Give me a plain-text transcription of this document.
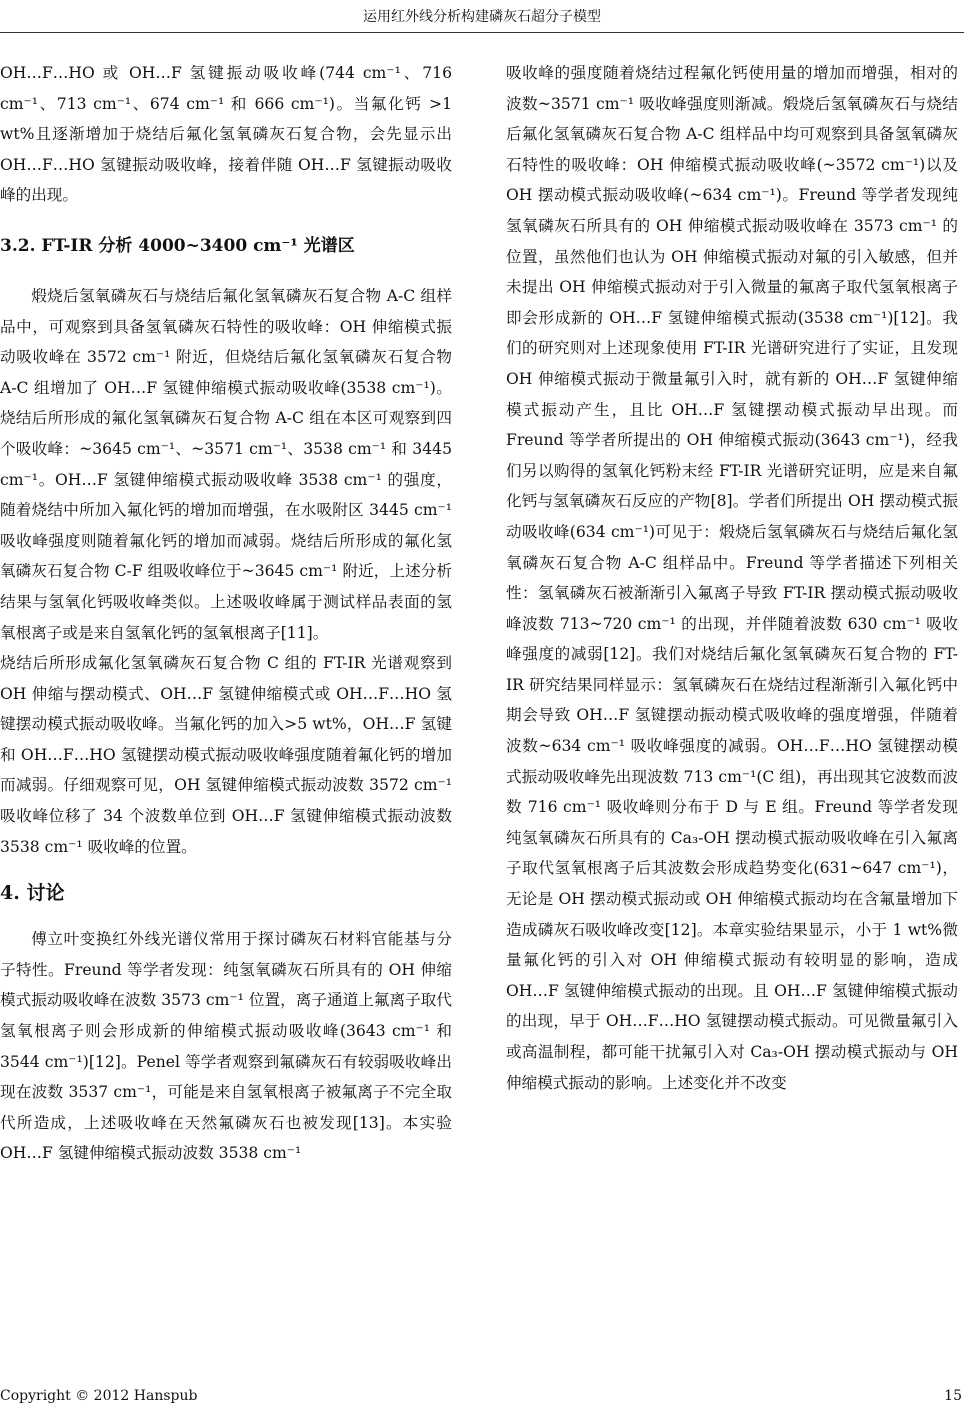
运用红外线分析构建磷灰石超分子模型

OH…F…HO 或 OH…F 氢键振动吸收峰(744 cm⁻¹、716 cm⁻¹、713 cm⁻¹、674 cm⁻¹ 和 666 cm⁻¹)。当氟化钙 >1 wt%且逐渐增加于烧结后氟化氢氧磷灰石复合物，会先显示出 OH…F…HO 氢键振动吸收峰，接着伴随 OH…F 氢键振动吸收峰的出现。

3.2. FT-IR 分析 4000~3400 cm⁻¹ 光谱区

煅烧后氢氧磷灰石与烧结后氟化氢氧磷灰石复合物 A-C 组样品中，可观察到具备氢氧磷灰石特性的吸收峰：OH 伸缩模式振动吸收峰在 3572 cm⁻¹ 附近，但烧结后氟化氢氧磷灰石复合物 A-C 组增加了 OH…F 氢键伸缩模式振动吸收峰(3538 cm⁻¹)。烧结后所形成的氟化氢氧磷灰石复合物 A-C 组在本区可观察到四个吸收峰：~3645 cm⁻¹、~3571 cm⁻¹、3538 cm⁻¹ 和 3445 cm⁻¹。OH…F 氢键伸缩模式振动吸收峰 3538 cm⁻¹ 的强度，随着烧结中所加入氟化钙的增加而增强，在水吸附区 3445 cm⁻¹ 吸收峰强度则随着氟化钙的增加而减弱。烧结后所形成的氟化氢氧磷灰石复合物 C-F 组吸收峰位于~3645 cm⁻¹ 附近，上述分析结果与氢氧化钙吸收峰类似。上述吸收峰属于测试样品表面的氢氧根离子或是来自氢氧化钙的氢氧根离子[11]。

烧结后所形成氟化氢氧磷灰石复合物 C 组的 FT-IR 光谱观察到 OH 伸缩与摆动模式、OH…F 氢键伸缩模式或 OH…F…HO 氢键摆动模式振动吸收峰。当氟化钙的加入>5 wt%，OH…F 氢键和 OH…F…HO 氢键摆动模式振动吸收峰强度随着氟化钙的增加而减弱。仔细观察可见，OH 氢键伸缩模式振动波数 3572 cm⁻¹ 吸收峰位移了 34 个波数单位到 OH…F 氢键伸缩模式振动波数 3538 cm⁻¹ 吸收峰的位置。

4. 讨论

傅立叶变换红外线光谱仪常用于探讨磷灰石材料官能基与分子特性。Freund 等学者发现：纯氢氧磷灰石所具有的 OH 伸缩模式振动吸收峰在波数 3573 cm⁻¹ 位置，离子通道上氟离子取代氢氧根离子则会形成新的伸缩模式振动吸收峰(3643 cm⁻¹ 和 3544 cm⁻¹)[12]。Penel 等学者观察到氟磷灰石有较弱吸收峰出现在波数 3537 cm⁻¹，可能是来自氢氧根离子被氟离子不完全取代所造成，上述吸收峰在天然氟磷灰石也被发现[13]。本实验 OH…F 氢键伸缩模式振动波数 3538 cm⁻¹

吸收峰的强度随着烧结过程氟化钙使用量的增加而增强，相对的波数~3571 cm⁻¹ 吸收峰强度则渐减。煅烧后氢氧磷灰石与烧结后氟化氢氧磷灰石复合物 A-C 组样品中均可观察到具备氢氧磷灰石特性的吸收峰：OH 伸缩模式振动吸收峰(~3572 cm⁻¹)以及 OH 摆动模式振动吸收峰(~634 cm⁻¹)。Freund 等学者发现纯氢氧磷灰石所具有的 OH 伸缩模式振动吸收峰在 3573 cm⁻¹ 的位置，虽然他们也认为 OH 伸缩模式振动对氟的引入敏感，但并未提出 OH 伸缩模式振动对于引入微量的氟离子取代氢氧根离子即会形成新的 OH…F 氢键伸缩模式振动(3538 cm⁻¹)[12]。我们的研究则对上述现象使用 FT-IR 光谱研究进行了实证，且发现 OH 伸缩模式振动于微量氟引入时，就有新的 OH…F 氢键伸缩模式振动产生，且比 OH…F 氢键摆动模式振动早出现。而 Freund 等学者所提出的 OH 伸缩模式振动(3643 cm⁻¹)，经我们另以购得的氢氧化钙粉末经 FT-IR 光谱研究证明，应是来自氟化钙与氢氧磷灰石反应的产物[8]。学者们所提出 OH 摆动模式振动吸收峰(634 cm⁻¹)可见于：煅烧后氢氧磷灰石与烧结后氟化氢氧磷灰石复合物 A-C 组样品中。Freund 等学者描述下列相关性：氢氧磷灰石被渐渐引入氟离子导致 FT-IR 摆动模式振动吸收峰波数 713~720 cm⁻¹ 的出现，并伴随着波数 630 cm⁻¹ 吸收峰强度的减弱[12]。我们对烧结后氟化氢氧磷灰石复合物的 FT-IR 研究结果同样显示：氢氧磷灰石在烧结过程渐渐引入氟化钙中期会导致 OH…F 氢键摆动振动模式吸收峰的强度增强，伴随着波数~634 cm⁻¹ 吸收峰强度的减弱。OH…F…HO 氢键摆动模式振动吸收峰先出现波数 713 cm⁻¹(C 组)，再出现其它波数而波数 716 cm⁻¹ 吸收峰则分布于 D 与 E 组。Freund 等学者发现纯氢氧磷灰石所具有的 Ca₃-OH 摆动模式振动吸收峰在引入氟离子取代氢氧根离子后其波数会形成趋势变化(631~647 cm⁻¹)，无论是 OH 摆动模式振动或 OH 伸缩模式振动均在含氟量增加下造成磷灰石吸收峰改变[12]。本章实验结果显示，小于 1 wt%微量氟化钙的引入对 OH 伸缩模式振动有较明显的影响，造成 OH…F 氢键伸缩模式振动的出现。且 OH…F 氢键伸缩模式振动的出现，早于 OH…F…HO 氢键摆动模式振动。可见微量氟引入或高温制程，都可能干扰氟引入对 Ca₃-OH 摆动模式振动与 OH 伸缩模式振动的影响。上述变化并不改变

Copyright © 2012 Hanspub	15
